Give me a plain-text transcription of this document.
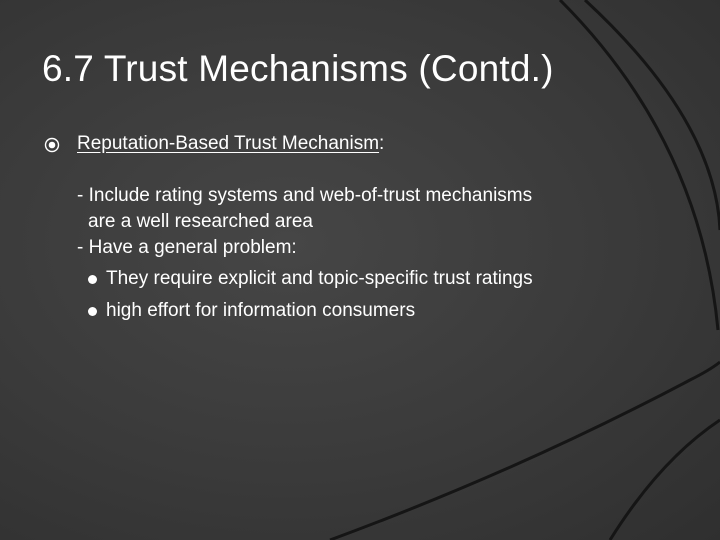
6.7 Trust Mechanisms (Contd.)
Reputation-Based Trust Mechanism:
- Include rating systems and web-of-trust mechanisms
are a well researched area
- Have a general problem:
They require explicit and topic-specific trust ratings
high effort for information consumers
